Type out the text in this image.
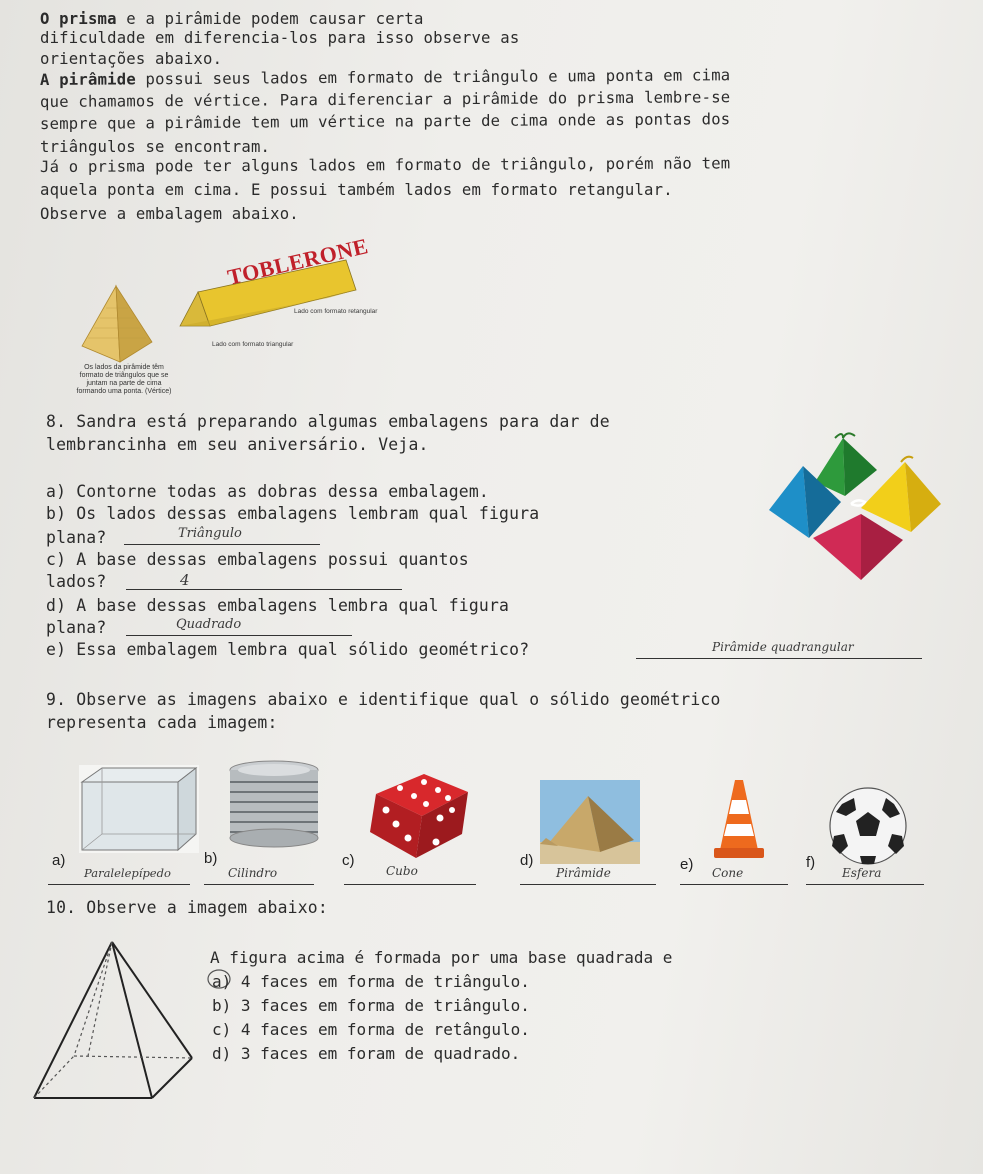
O prisma e a pirâmide podem causar certa
dificuldade em diferencia-los para isso observe as
orientações abaixo.
A pirâmide possui seus lados em formato de triângulo e uma ponta em cima
que chamamos de vértice. Para diferenciar a pirâmide do prisma lembre-se
sempre que a pirâmide tem um vértice na parte de cima onde as pontas dos
triângulos se encontram.
Já o prisma pode ter alguns lados em formato de triângulo, porém não tem
aquela ponta em cima. E possui também lados em formato retangular.
Observe a embalagem abaixo.
Os lados da pirâmide têm
formato de triângulos que se
juntam na parte de cima
formando uma ponta. (Vértice)
TOBLERONE
Lado com formato retangular
Lado com formato triangular
8. Sandra está preparando algumas embalagens para dar de
lembrancinha em seu aniversário. Veja.
a) Contorne todas as dobras dessa embalagem.
b) Os lados dessas embalagens lembram qual figura
plana?	Triângulo
c) A base dessas embalagens possui quantos
lados?	4
d) A base dessas embalagens lembra qual figura
plana?	Quadrado
e) Essa embalagem lembra qual sólido geométrico?	Pirâmide quadrangular
9. Observe as imagens abaixo e identifique qual o sólido geométrico
representa cada imagem:
a)	b)	c)	d)	e)	f)
Paralelepípedo	Cilindro	Cubo	Pirâmide	Cone	Esfera
10. Observe a imagem abaixo:
A figura acima é formada por uma base quadrada e
a) 4 faces em forma de triângulo.
b) 3 faces em forma de triângulo.
c) 4 faces em forma de retângulo.
d) 3 faces em foram de quadrado.
